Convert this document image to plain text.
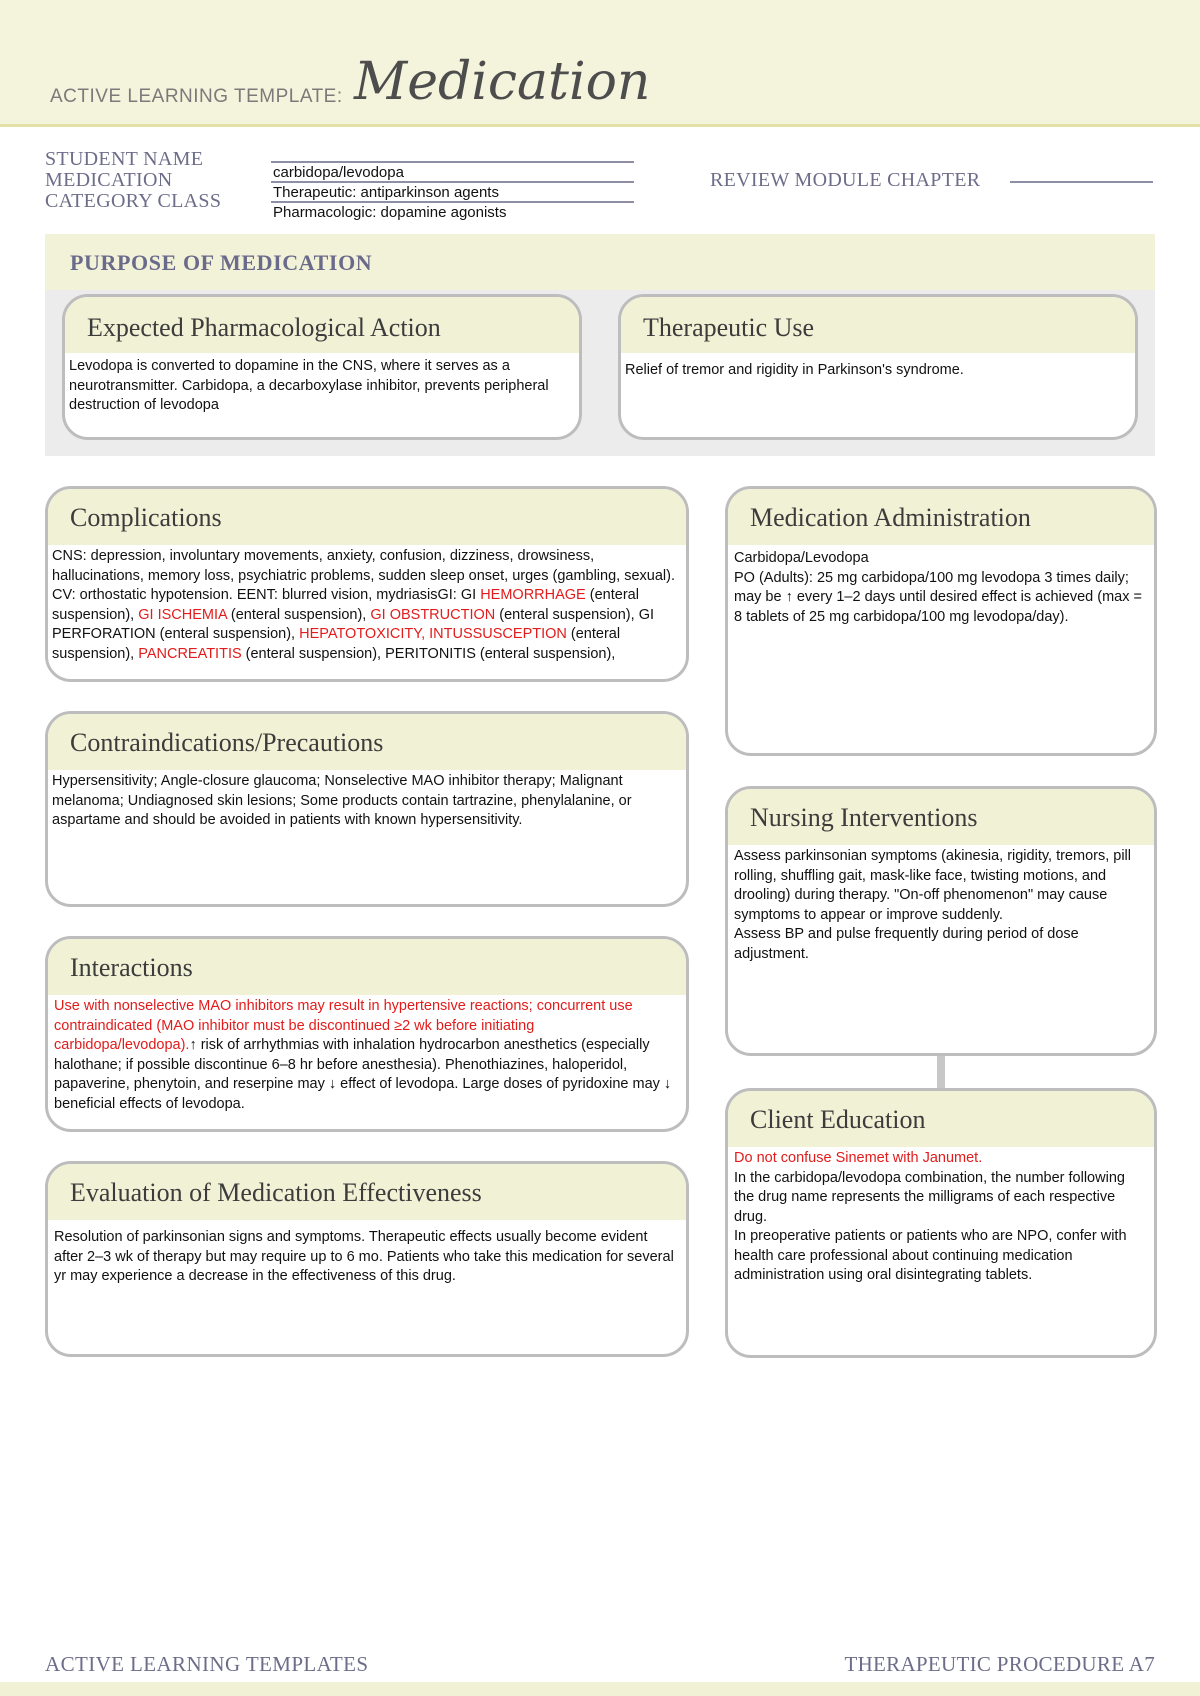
ACTIVE LEARNING TEMPLATE: Medication
STUDENT NAME
MEDICATION
CATEGORY CLASS
carbidopa/levodopa
Therapeutic: antiparkinson agents
Pharmacologic: dopamine agonists
REVIEW MODULE CHAPTER
PURPOSE OF MEDICATION
Expected Pharmacological Action
Levodopa is converted to dopamine in the CNS, where it serves as a neurotransmitter. Carbidopa, a decarboxylase inhibitor, prevents peripheral destruction of levodopa
Therapeutic Use
Relief of tremor and rigidity in Parkinson's syndrome.
Complications
CNS: depression, involuntary movements, anxiety, confusion, dizziness, drowsiness, hallucinations, memory loss, psychiatric problems, sudden sleep onset, urges (gambling, sexual). CV: orthostatic hypotension. EENT: blurred vision, mydriasisGI: GI HEMORRHAGE (enteral suspension), GI ISCHEMIA (enteral suspension), GI OBSTRUCTION (enteral suspension), GI PERFORATION (enteral suspension), HEPATOTOXICITY, INTUSSUSCEPTION (enteral suspension), PANCREATITIS (enteral suspension), PERITONITIS (enteral suspension),
Contraindications/Precautions
Hypersensitivity; Angle-closure glaucoma; Nonselective MAO inhibitor therapy; Malignant melanoma; Undiagnosed skin lesions; Some products contain tartrazine, phenylalanine, or aspartame and should be avoided in patients with known hypersensitivity.
Interactions
Use with nonselective MAO inhibitors may result in hypertensive reactions; concurrent use contraindicated (MAO inhibitor must be discontinued ≥2 wk before initiating carbidopa/levodopa).↑ risk of arrhythmias with inhalation hydrocarbon anesthetics (especially halothane; if possible discontinue 6–8 hr before anesthesia). Phenothiazines, haloperidol, papaverine, phenytoin, and reserpine may ↓ effect of levodopa. Large doses of pyridoxine may ↓ beneficial effects of levodopa.
Evaluation of Medication Effectiveness
Resolution of parkinsonian signs and symptoms. Therapeutic effects usually become evident after 2–3 wk of therapy but may require up to 6 mo. Patients who take this medication for several yr may experience a decrease in the effectiveness of this drug.
Medication Administration

Carbidopa/Levodopa

PO (Adults): 25 mg carbidopa/100 mg levodopa 3 times daily; may be ↑ every 1–2 days until desired effect is achieved (max = 8 tablets of 25 mg carbidopa/100 mg levodopa/day).

Nursing Interventions

Assess parkinsonian symptoms (akinesia, rigidity, tremors, pill rolling, shuffling gait, mask-like face, twisting motions, and drooling) during therapy. "On-off phenomenon" may cause symptoms to appear or improve suddenly.

Assess BP and pulse frequently during period of dose adjustment.

Client Education

Do not confuse Sinemet with Janumet.

In the carbidopa/levodopa combination, the number following the drug name represents the milligrams of each respective drug.

In preoperative patients or patients who are NPO, confer with health care professional about continuing medication administration using oral disintegrating tablets.

ACTIVE LEARNING TEMPLATES	THERAPEUTIC PROCEDURE A7
